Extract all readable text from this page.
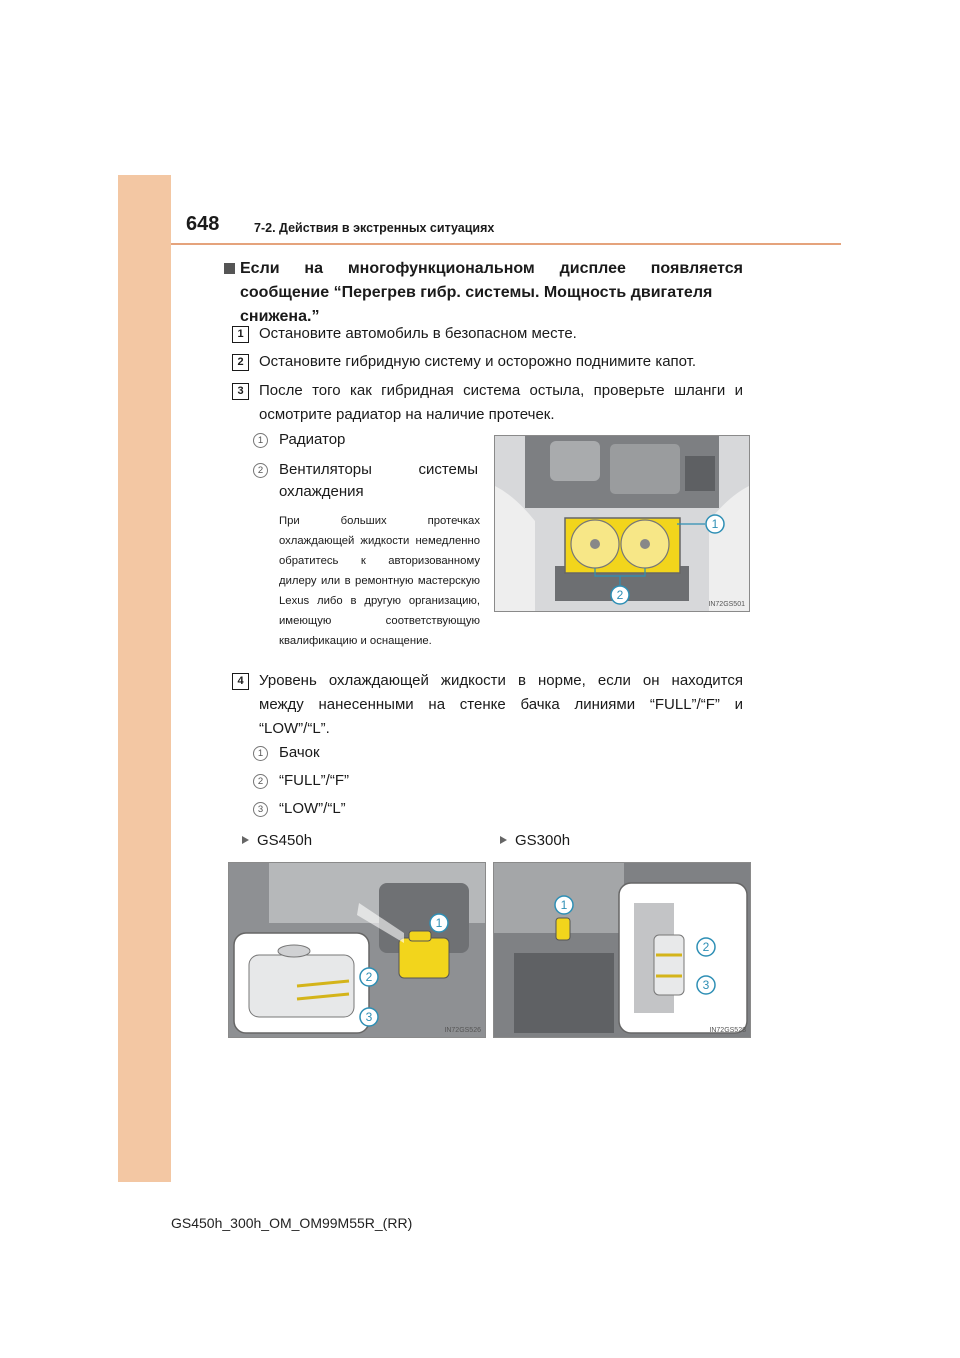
648	7-2. Действия в экстренных ситуациях
Если на многофункциональном дисплее появляется
сообщение “Перегрев гибр. системы. Мощность двигателя
снижена.”
1	Остановите автомобиль в безопасном месте.
2	Остановите гибридную систему и осторожно поднимите капот.
3	После того как гибридная система остыла, проверьте шланги и
осмотрите радиатор на наличие протечек.
1	Радиатор
2	Вентиляторы системы
охлаждения
При больших протечках охлаждающей жидкости немедленно обратитесь к авторизованному дилеру или в ремонтную мастерскую Lexus либо в другую организацию, имеющую соответствующую квалификацию и оснащение.
1
2
IN72GS501
4	Уровень охлаждающей жидкости в норме, если он находится
между нанесенными на стенке бачка линиями “FULL”/“F” и
“LOW”/“L”.
1	Бачок
2	“FULL”/“F”
3	“LOW”/“L”
GS450h	GS300h
1
2
3
IN72GS526
1
2
3
IN72GS528
GS450h_300h_OM_OM99M55R_(RR)
